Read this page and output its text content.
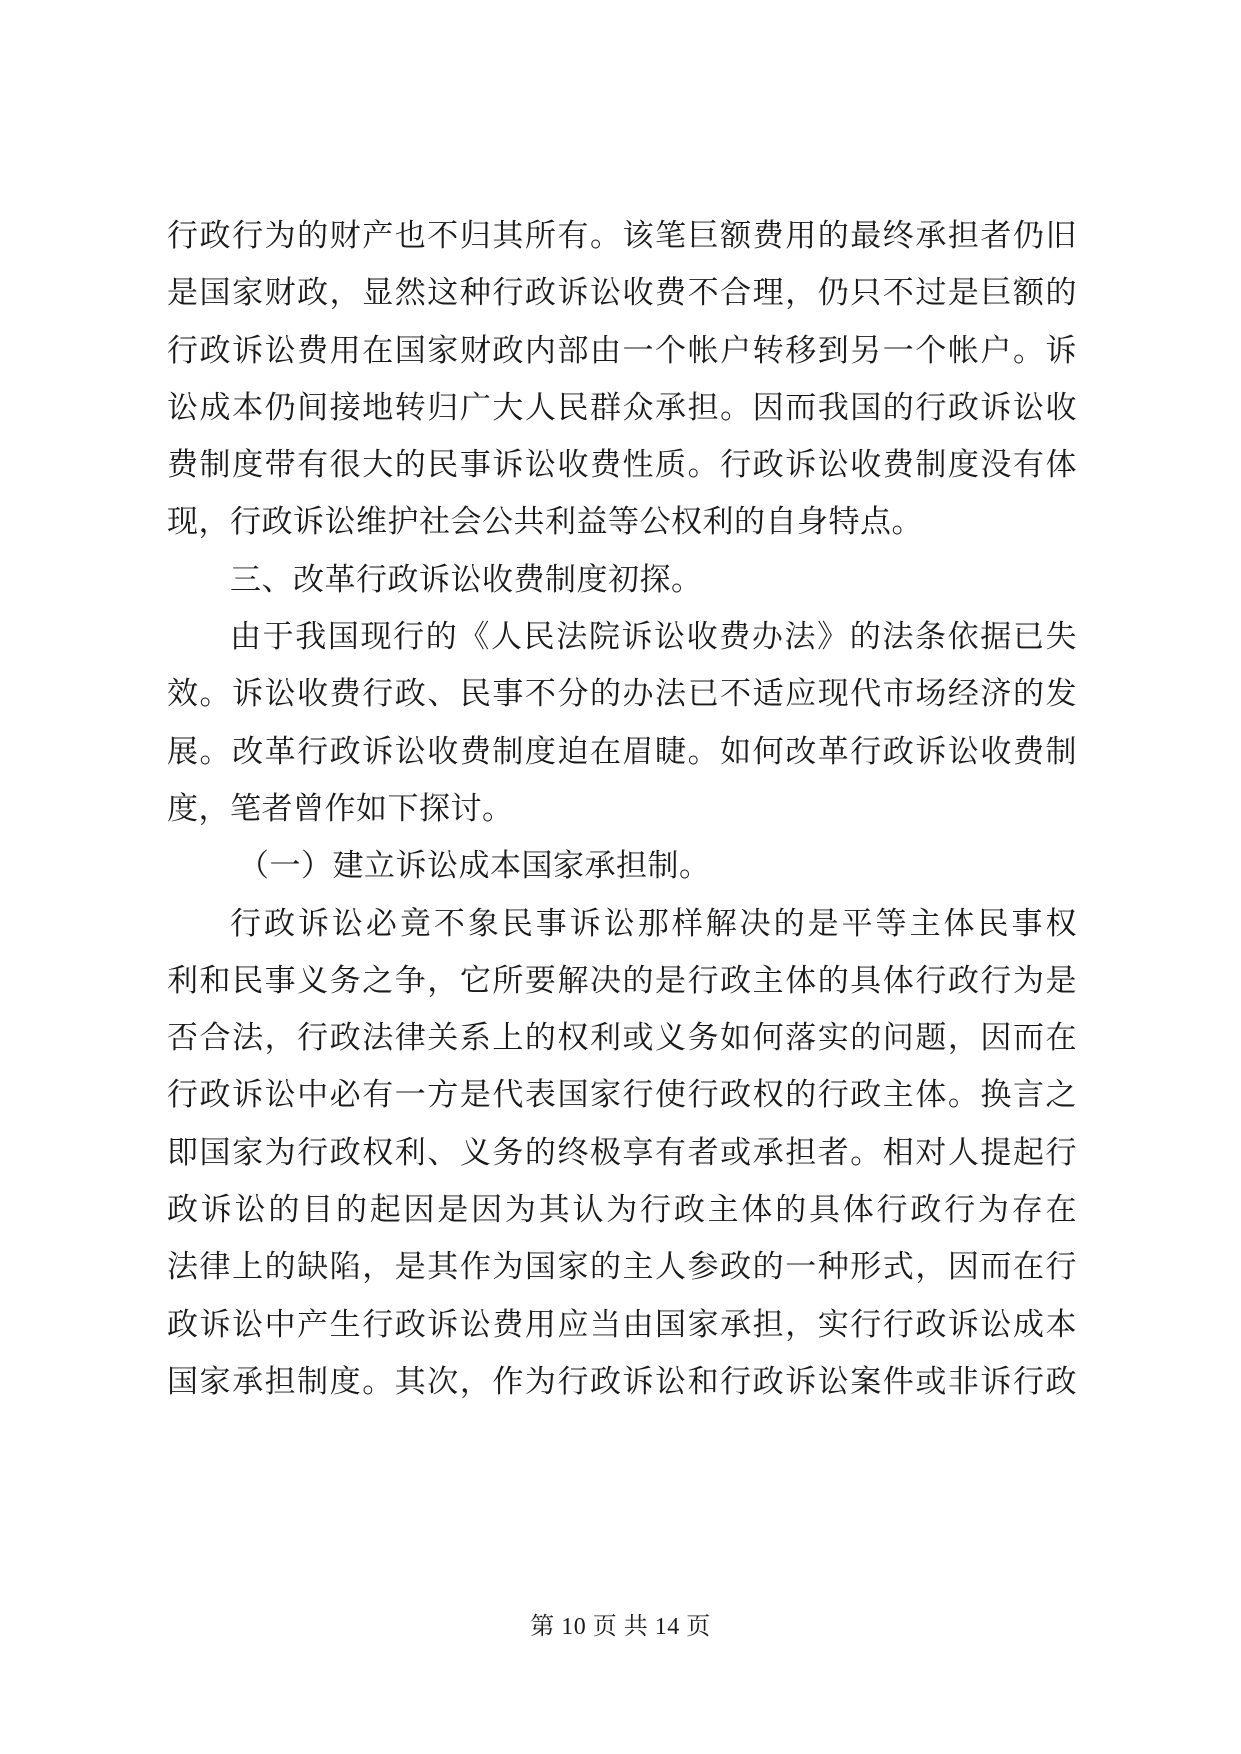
行政行为的财产也不归其所有。该笔巨额费用的最终承担者仍旧
是国家财政，显然这种行政诉讼收费不合理，仍只不过是巨额的
行政诉讼费用在国家财政内部由一个帐户转移到另一个帐户。诉
讼成本仍间接地转归广大人民群众承担。因而我国的行政诉讼收
费制度带有很大的民事诉讼收费性质。行政诉讼收费制度没有体
现，行政诉讼维护社会公共利益等公权利的自身特点。
三、改革行政诉讼收费制度初探。
由于我国现行的《人民法院诉讼收费办法》的法条依据已失
效。诉讼收费行政、民事不分的办法已不适应现代市场经济的发
展。改革行政诉讼收费制度迫在眉睫。如何改革行政诉讼收费制
度，笔者曾作如下探讨。
（一）建立诉讼成本国家承担制。
行政诉讼必竟不象民事诉讼那样解决的是平等主体民事权
利和民事义务之争，它所要解决的是行政主体的具体行政行为是
否合法，行政法律关系上的权利或义务如何落实的问题，因而在
行政诉讼中必有一方是代表国家行使行政权的行政主体。换言之
即国家为行政权利、义务的终极享有者或承担者。相对人提起行
政诉讼的目的起因是因为其认为行政主体的具体行政行为存在
法律上的缺陷，是其作为国家的主人参政的一种形式，因而在行
政诉讼中产生行政诉讼费用应当由国家承担，实行行政诉讼成本
国家承担制度。其次，作为行政诉讼和行政诉讼案件或非诉行政
第 10 页 共 14 页
